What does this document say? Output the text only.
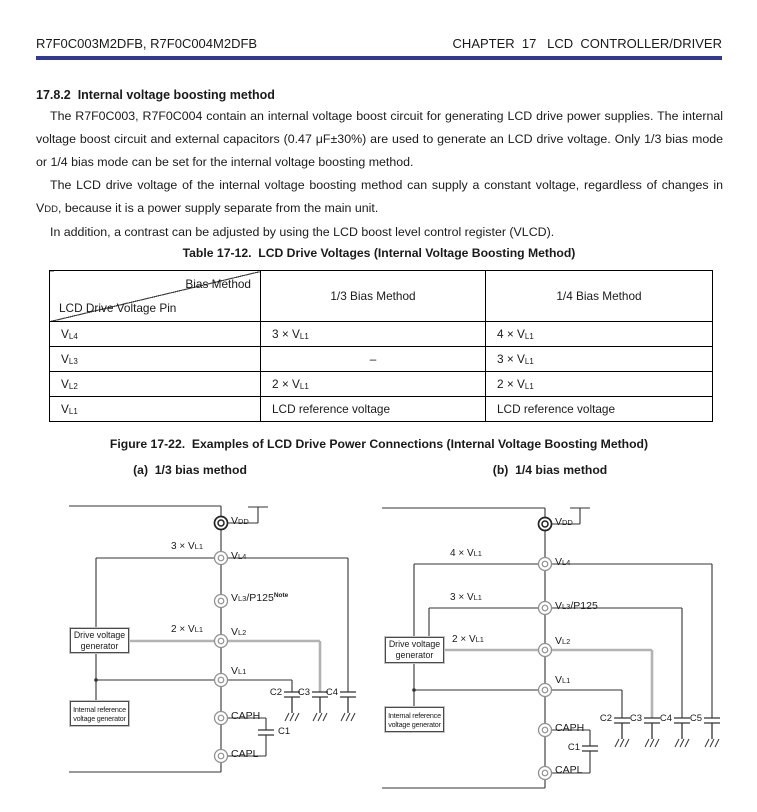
R7F0C003M2DFB, R7F0C004M2DFB	CHAPTER  17   LCD  CONTROLLER/DRIVER
17.8.2  Internal voltage boosting method

The R7F0C003, R7F0C004 contain an internal voltage boost circuit for generating LCD drive power supplies. The internal voltage boost circuit and external capacitors (0.47 μF±30%) are used to generate an LCD drive voltage. Only 1/3 bias mode or 1/4 bias mode can be set for the internal voltage boosting method.

The LCD drive voltage of the internal voltage boosting method can supply a constant voltage, regardless of changes in VDD, because it is a power supply separate from the main unit.

In addition, a contrast can be adjusted by using the LCD boost level control register (VLCD).

Table 17-12.  LCD Drive Voltages (Internal Voltage Boosting Method)
Bias Method
LCD Drive Voltage Pin	1/3 Bias Method	1/4 Bias Method
VL4	3 × VL1	4 × VL1
VL3	–	3 × VL1
VL2	2 × VL1	2 × VL1
VL1	LCD reference voltage	LCD reference voltage
Figure 17-22.  Examples of LCD Drive Power Connections (Internal Voltage Boosting Method)
(a)  1/3 bias method	(b)  1/4 bias method
VDD
3 × VL1
VL4
$VL3/P125^{Note}$
2 × VL1	VL2
VL1
CAPH
CAPL
Drive voltage
generator
Internal reference
voltage generator
C2	C3	C4
C1
VDD
4 × VL1
VL4
3 × VL1
VL3/P125
2 × VL1	VL2
VL1
CAPH
CAPL
Drive voltage
generator
Internal reference
voltage generator	C2	C3	C4	C5
C1
